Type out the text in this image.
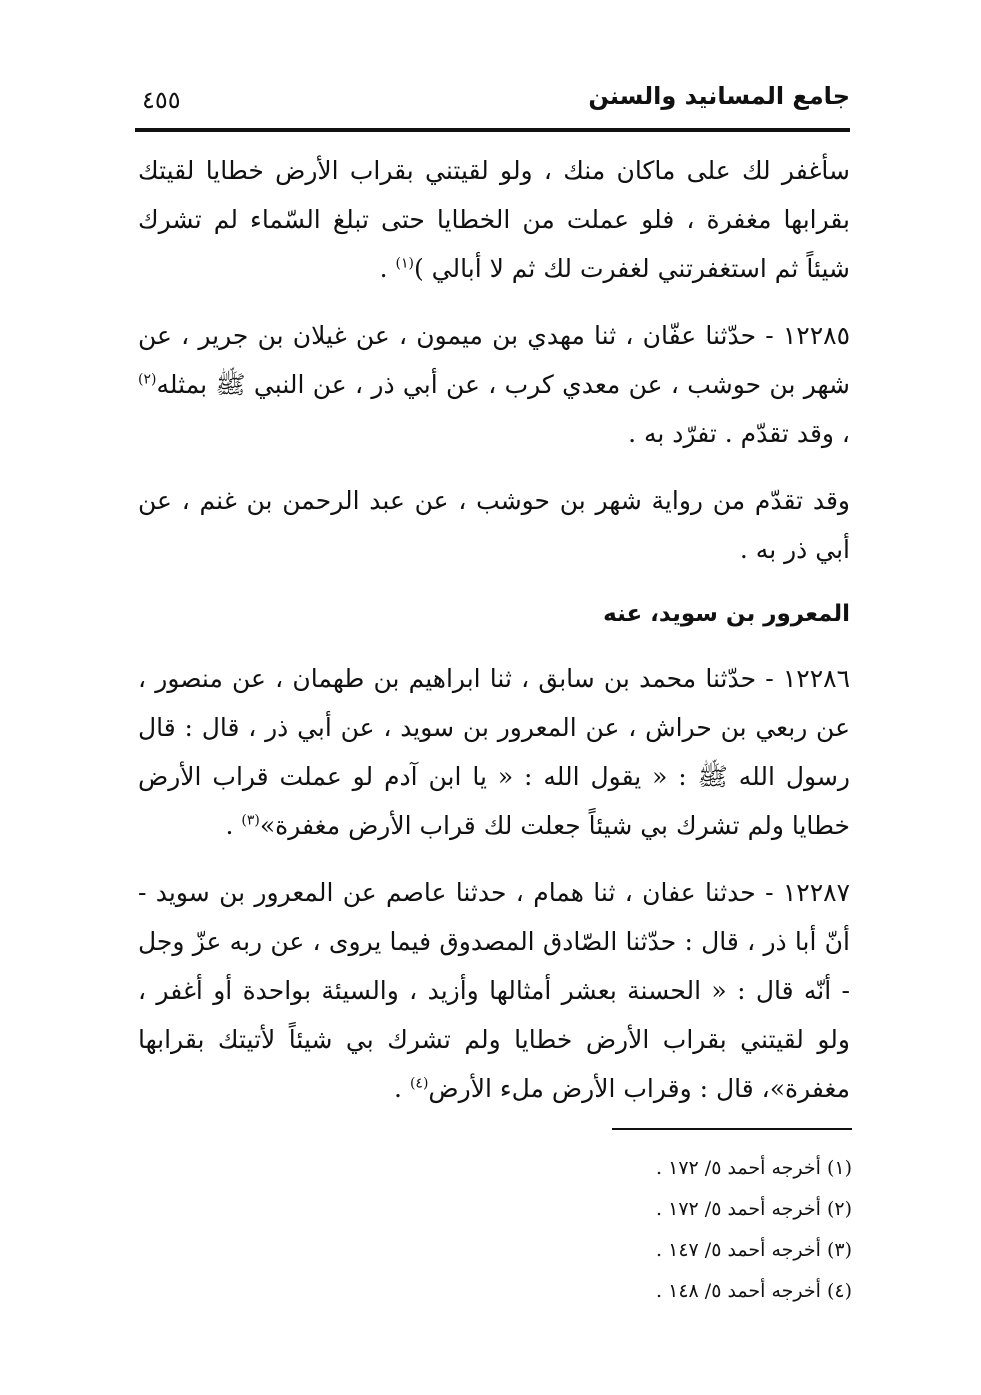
جامع المسانيد والسنن
٤٥٥

سأغفر لك على ماكان منك ، ولو لقيتني بقراب الأرض خطايا لقيتك بقرابها مغفرة ، فلو عملت من الخطايا حتى تبلغ السّماء لم تشرك شيئاً ثم استغفرتني لغفرت لك ثم لا أبالي )$^{(١)}$ .

١٢٢٨٥ - حدّثنا عفّان ، ثنا مهدي بن ميمون ، عن غيلان بن جرير ، عن شهر بن حوشب ، عن معدي كرب ، عن أبي ذر ، عن النبي ﷺ بمثله$^{(٢)}$ ، وقد تقدّم . تفرّد به .

وقد تقدّم من رواية شهر بن حوشب ، عن عبد الرحمن بن غنم ، عن أبي ذر به .

المعرور بن سويد، عنه

١٢٢٨٦ - حدّثنا محمد بن سابق ، ثنا ابراهيم بن طهمان ، عن منصور ، عن ربعي بن حراش ، عن المعرور بن سويد ، عن أبي ذر ، قال : قال رسول الله ﷺ : « يقول الله : « يا ابن آدم لو عملت قراب الأرض خطايا ولم تشرك بي شيئاً جعلت لك قراب الأرض مغفرة»$^{(٣)}$ .

١٢٢٨٧ - حدثنا عفان ، ثنا همام ، حدثنا عاصم عن المعرور بن سويد - أنّ أبا ذر ، قال : حدّثنا الصّادق المصدوق فيما يروى ، عن ربه عزّ وجل - أنّه قال : « الحسنة بعشر أمثالها وأزيد ، والسيئة بواحدة أو أغفر ، ولو لقيتني بقراب الأرض خطايا ولم تشرك بي شيئاً لأتيتك بقرابها مغفرة»، قال : وقراب الأرض ملء الأرض$^{(٤)}$ .

(١) أخرجه أحمد ٥/ ١٧٢ .
(٢) أخرجه أحمد ٥/ ١٧٢ .
(٣) أخرجه أحمد ٥/ ١٤٧ .
(٤) أخرجه أحمد ٥/ ١٤٨ .
